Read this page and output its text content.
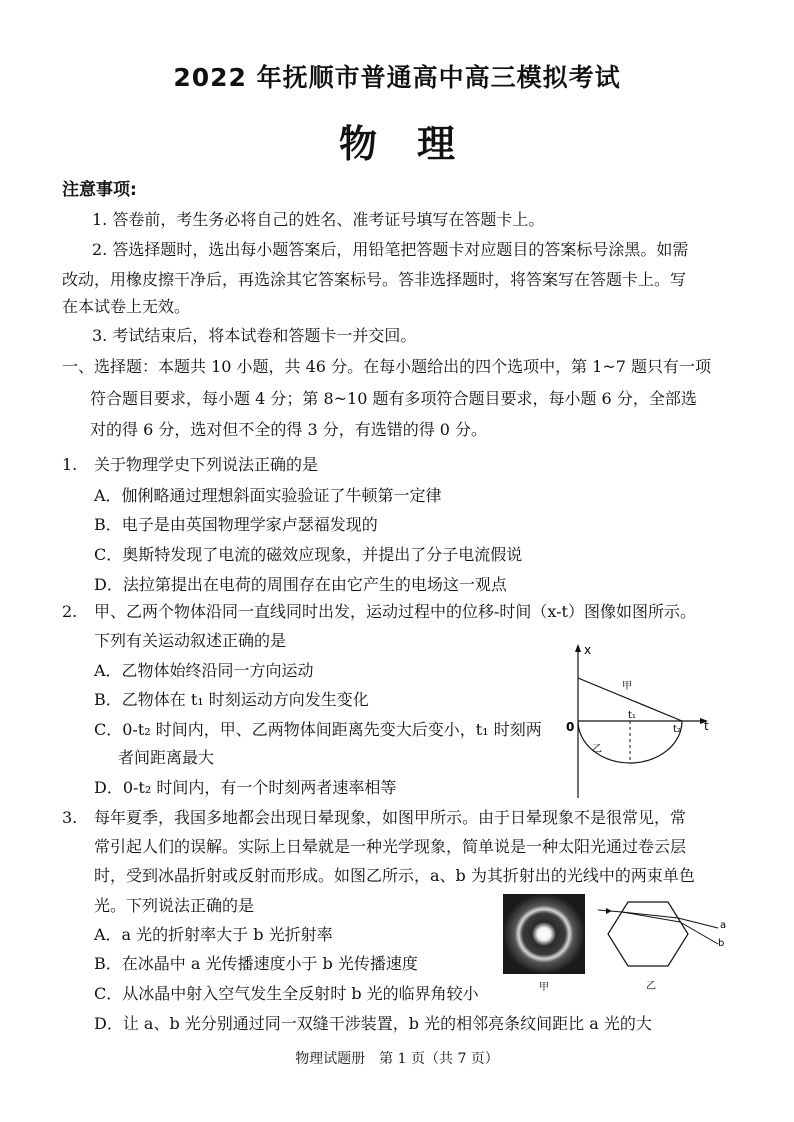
2022 年抚顺市普通高中高三模拟考试
物理
注意事项:
1. 答卷前，考生务必将自己的姓名、准考证号填写在答题卡上。
2. 答选择题时，选出每小题答案后，用铅笔把答题卡对应题目的答案标号涂黑。如需
改动，用橡皮擦干净后，再选涂其它答案标号。答非选择题时，将答案写在答题卡上。写
在本试卷上无效。
3. 考试结束后，将本试卷和答题卡一并交回。
一、选择题：本题共 10 小题，共 46 分。在每小题给出的四个选项中，第 1~7 题只有一项
符合题目要求，每小题 4 分；第 8~10 题有多项符合题目要求，每小题 6 分，全部选
对的得 6 分，选对但不全的得 3 分，有选错的得 0 分。
1. 关于物理学史下列说法正确的是
A．伽俐略通过理想斜面实验验证了牛顿第一定律
B．电子是由英国物理学家卢瑟福发现的
C．奥斯特发现了电流的磁效应现象，并提出了分子电流假说
D．法拉第提出在电荷的周围存在由它产生的电场这一观点
2. 甲、乙两个物体沿同一直线同时出发，运动过程中的位移-时间（x-t）图像如图所示。
下列有关运动叙述正确的是
A．乙物体始终沿同一方向运动
B．乙物体在 t₁ 时刻运动方向发生变化
C．0-t₂ 时间内，甲、乙两物体间距离先变大后变小，t₁ 时刻两
者间距离最大
D．0-t₂ 时间内，有一个时刻两者速率相等
x
t
0
甲
乙
t₁
t₂
3. 每年夏季，我国多地都会出现日晕现象，如图甲所示。由于日晕现象不是很常见，常
常引起人们的误解。实际上日晕就是一种光学现象，简单说是一种太阳光通过卷云层
时，受到冰晶折射或反射而形成。如图乙所示，a、b 为其折射出的光线中的两束单色
光。下列说法正确的是
A．a 光的折射率大于 b 光折射率
B．在冰晶中 a 光传播速度小于 b 光传播速度
C．从冰晶中射入空气发生全反射时 b 光的临界角较小
D．让 a、b 光分别通过同一双缝干涉装置，b 光的相邻亮条纹间距比 a 光的大
甲
a
b
乙
物理试题册　第 1 页（共 7 页）
